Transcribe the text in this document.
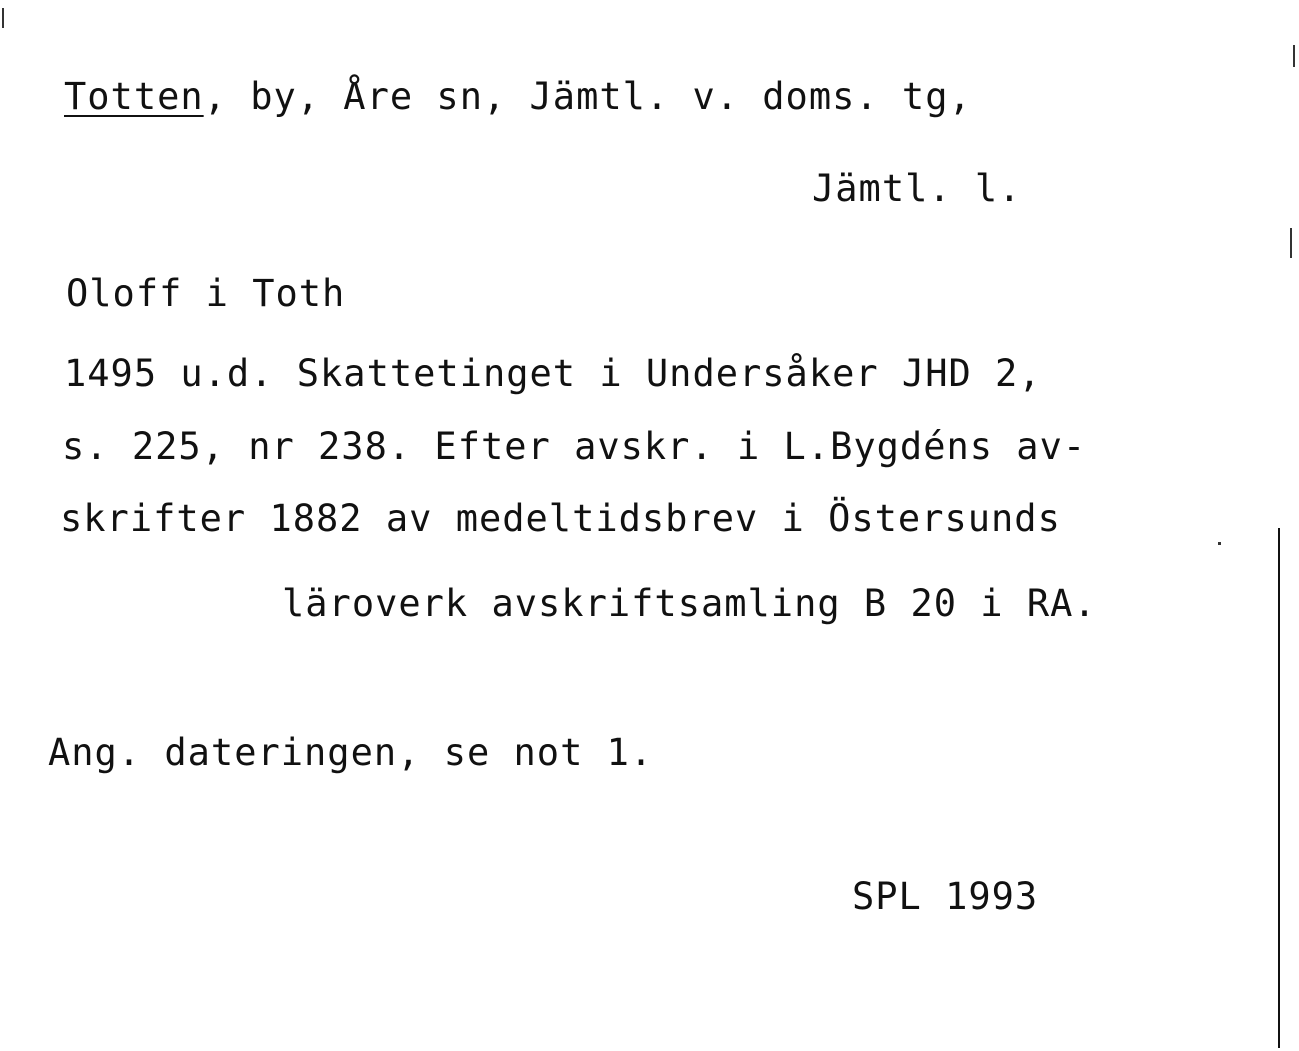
Totten, by, Åre sn, Jämtl. v. doms. tg,
Jämtl. l.
Oloff i Toth
1495 u.d. Skattetinget i Undersåker JHD 2,
s. 225, nr 238. Efter avskr. i L.Bygdéns av-
skrifter 1882 av medeltidsbrev i Östersunds
läroverk avskriftsamling B 20 i RA.
Ang. dateringen, se not 1.
SPL 1993
